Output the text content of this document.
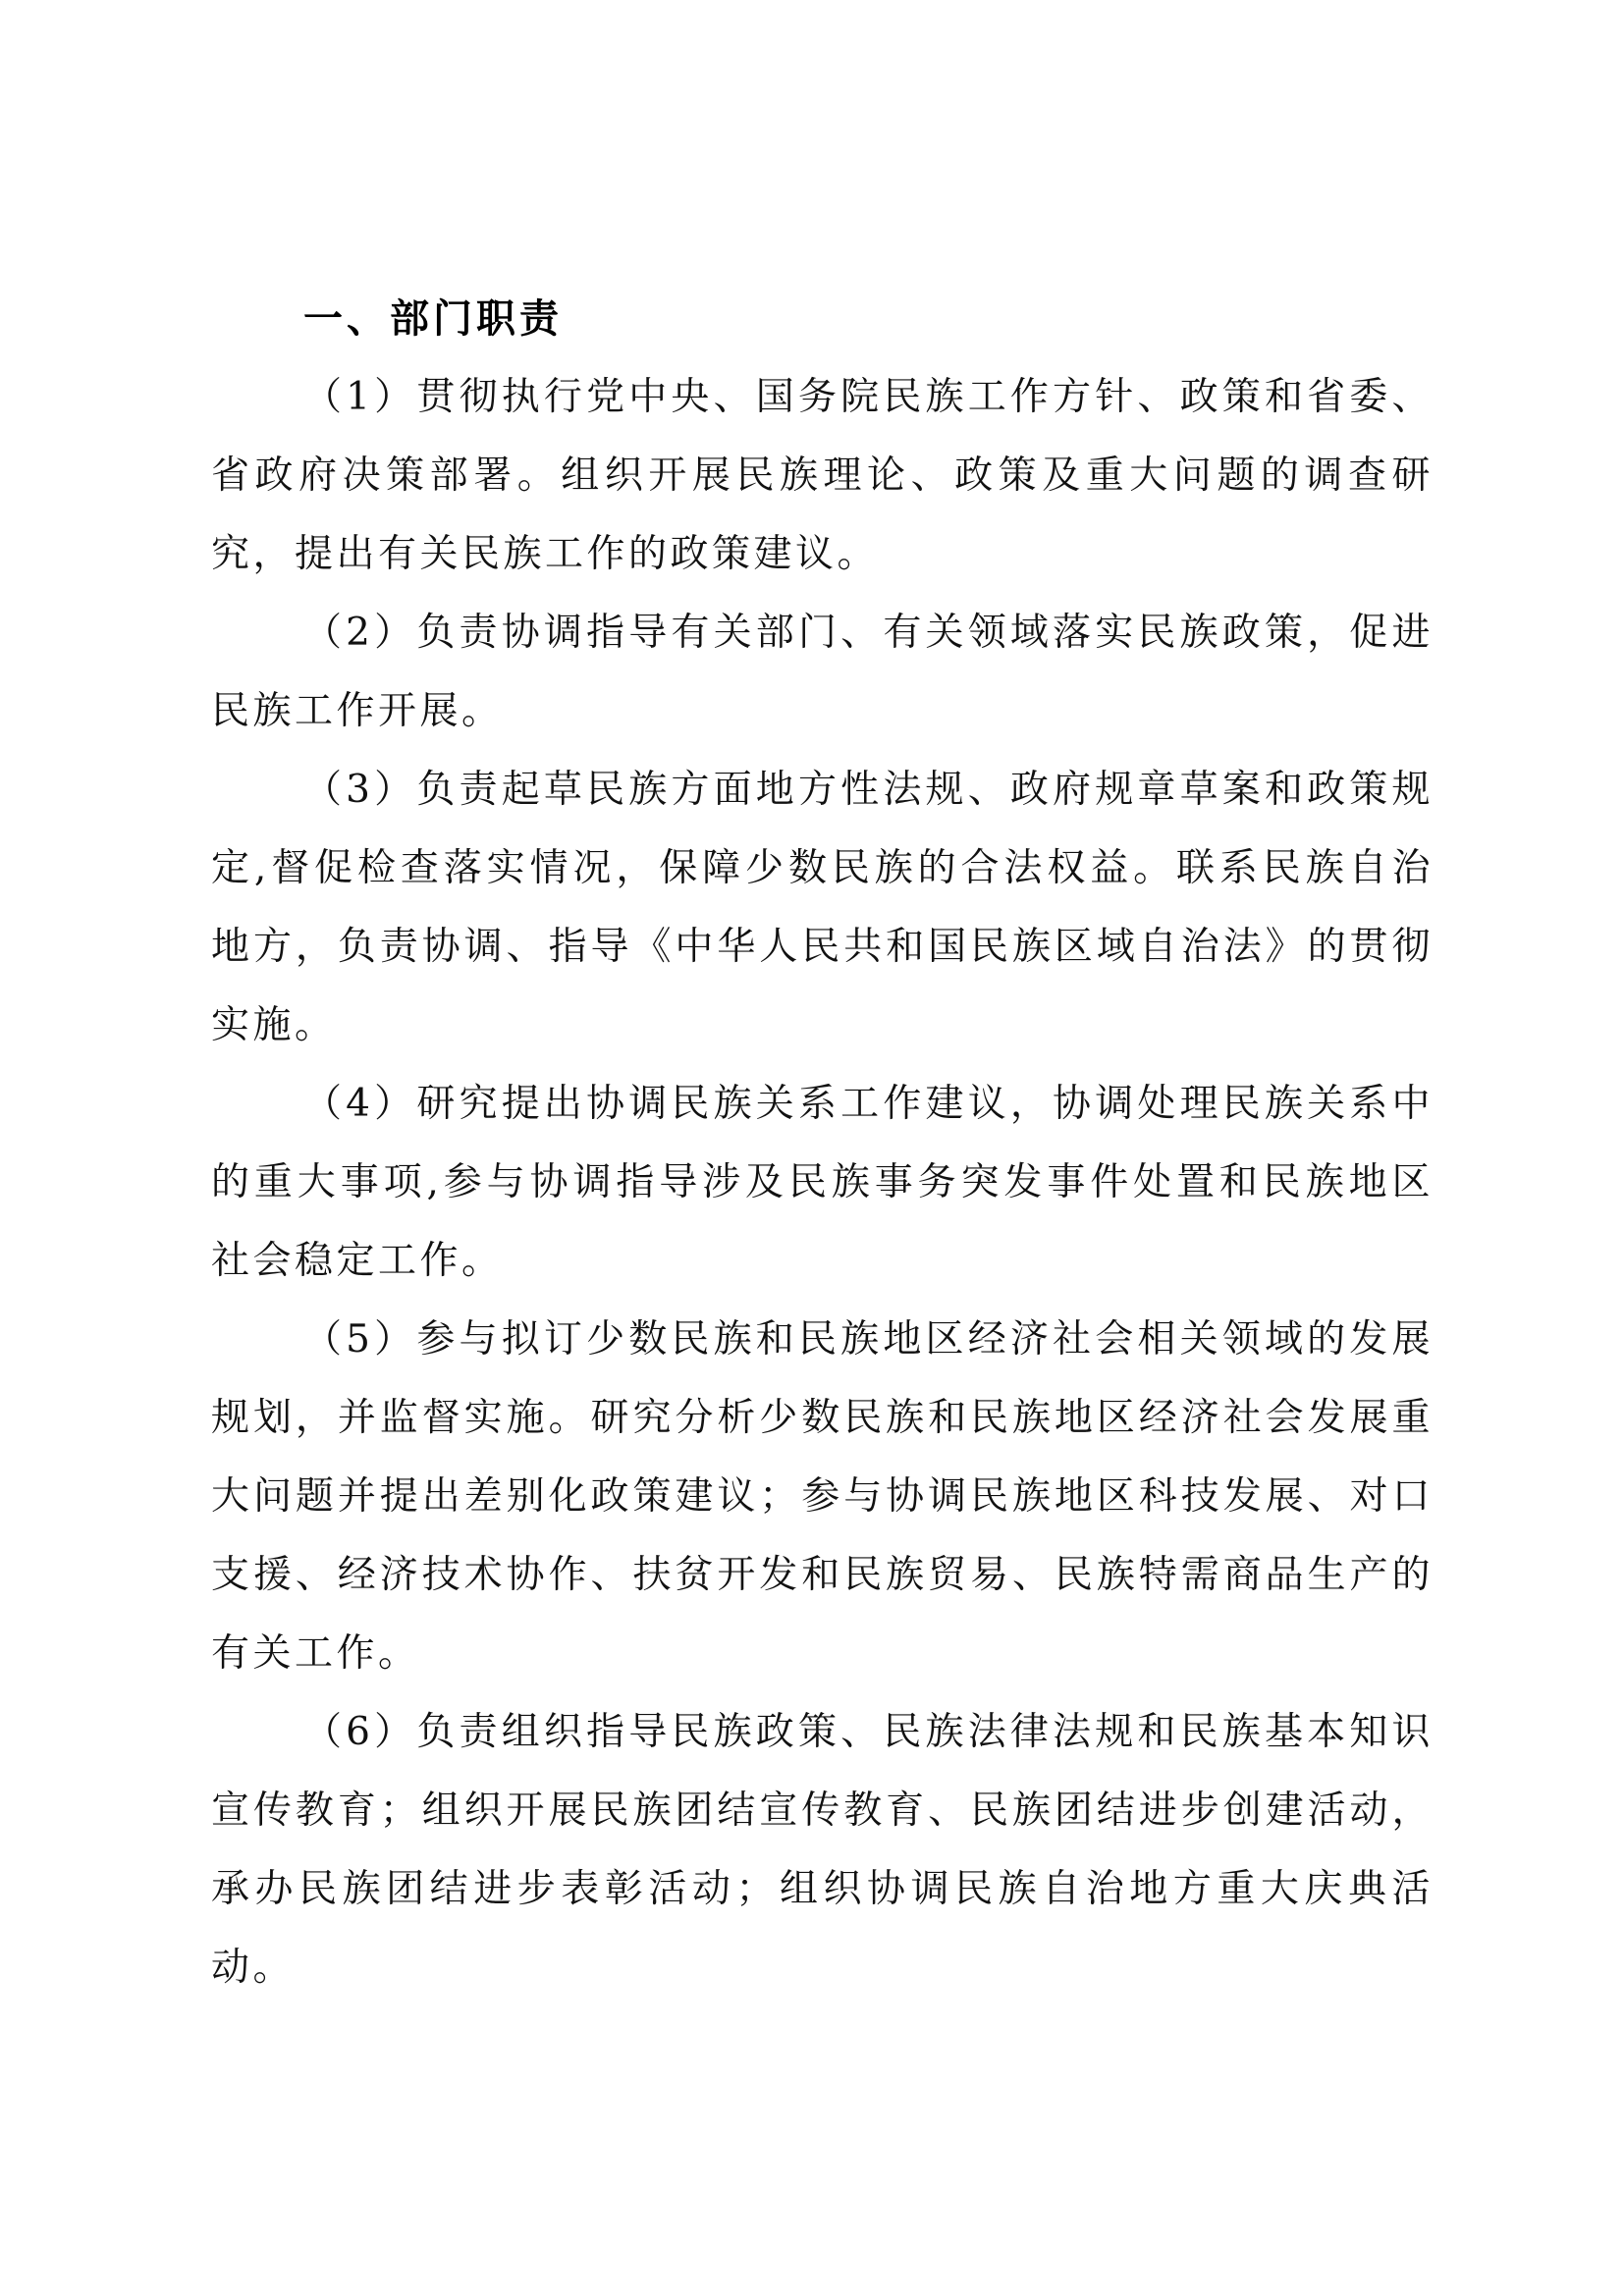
一、部门职责

（1）贯彻执行党中央、国务院民族工作方针、政策和省委、省政府决策部署。组织开展民族理论、政策及重大问题的调查研究，提出有关民族工作的政策建议。

（2）负责协调指导有关部门、有关领域落实民族政策，促进民族工作开展。

（3）负责起草民族方面地方性法规、政府规章草案和政策规定,督促检查落实情况，保障少数民族的合法权益。联系民族自治地方，负责协调、指导《中华人民共和国民族区域自治法》的贯彻实施。

（4）研究提出协调民族关系工作建议，协调处理民族关系中的重大事项,参与协调指导涉及民族事务突发事件处置和民族地区社会稳定工作。

（5）参与拟订少数民族和民族地区经济社会相关领域的发展规划，并监督实施。研究分析少数民族和民族地区经济社会发展重大问题并提出差别化政策建议；参与协调民族地区科技发展、对口支援、经济技术协作、扶贫开发和民族贸易、民族特需商品生产的有关工作。

（6）负责组织指导民族政策、民族法律法规和民族基本知识宣传教育；组织开展民族团结宣传教育、民族团结进步创建活动，承办民族团结进步表彰活动；组织协调民族自治地方重大庆典活动。
